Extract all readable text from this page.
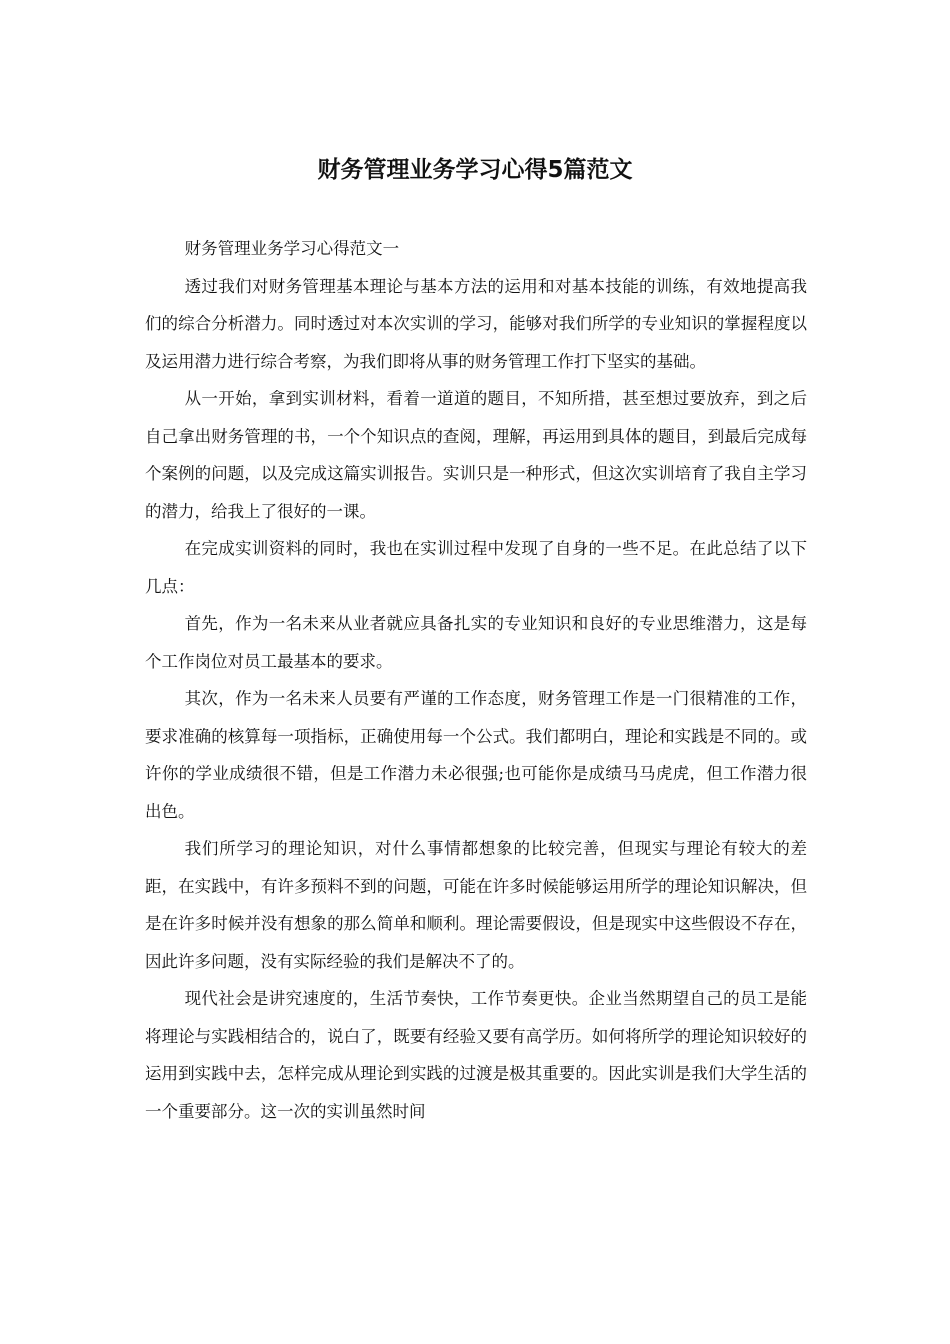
财务管理业务学习心得5篇范文

财务管理业务学习心得范文一

透过我们对财务管理基本理论与基本方法的运用和对基本技能的训练，有效地提高我们的综合分析潜力。同时透过对本次实训的学习，能够对我们所学的专业知识的掌握程度以及运用潜力进行综合考察，为我们即将从事的财务管理工作打下坚实的基础。

从一开始，拿到实训材料，看着一道道的题目，不知所措，甚至想过要放弃，到之后自己拿出财务管理的书，一个个知识点的查阅，理解，再运用到具体的题目，到最后完成每个案例的问题，以及完成这篇实训报告。实训只是一种形式，但这次实训培育了我自主学习的潜力，给我上了很好的一课。

在完成实训资料的同时，我也在实训过程中发现了自身的一些不足。在此总结了以下几点：

首先，作为一名未来从业者就应具备扎实的专业知识和良好的专业思维潜力，这是每个工作岗位对员工最基本的要求。

其次，作为一名未来人员要有严谨的工作态度，财务管理工作是一门很精准的工作，要求准确的核算每一项指标，正确使用每一个公式。我们都明白，理论和实践是不同的。或许你的学业成绩很不错，但是工作潜力未必很强;也可能你是成绩马马虎虎，但工作潜力很出色。

我们所学习的理论知识，对什么事情都想象的比较完善，但现实与理论有较大的差距，在实践中，有许多预料不到的问题，可能在许多时候能够运用所学的理论知识解决，但是在许多时候并没有想象的那么简单和顺利。理论需要假设，但是现实中这些假设不存在，因此许多问题，没有实际经验的我们是解决不了的。

现代社会是讲究速度的，生活节奏快，工作节奏更快。企业当然期望自己的员工是能将理论与实践相结合的，说白了，既要有经验又要有高学历。如何将所学的理论知识较好的运用到实践中去，怎样完成从理论到实践的过渡是极其重要的。因此实训是我们大学生活的一个重要部分。这一次的实训虽然时间
